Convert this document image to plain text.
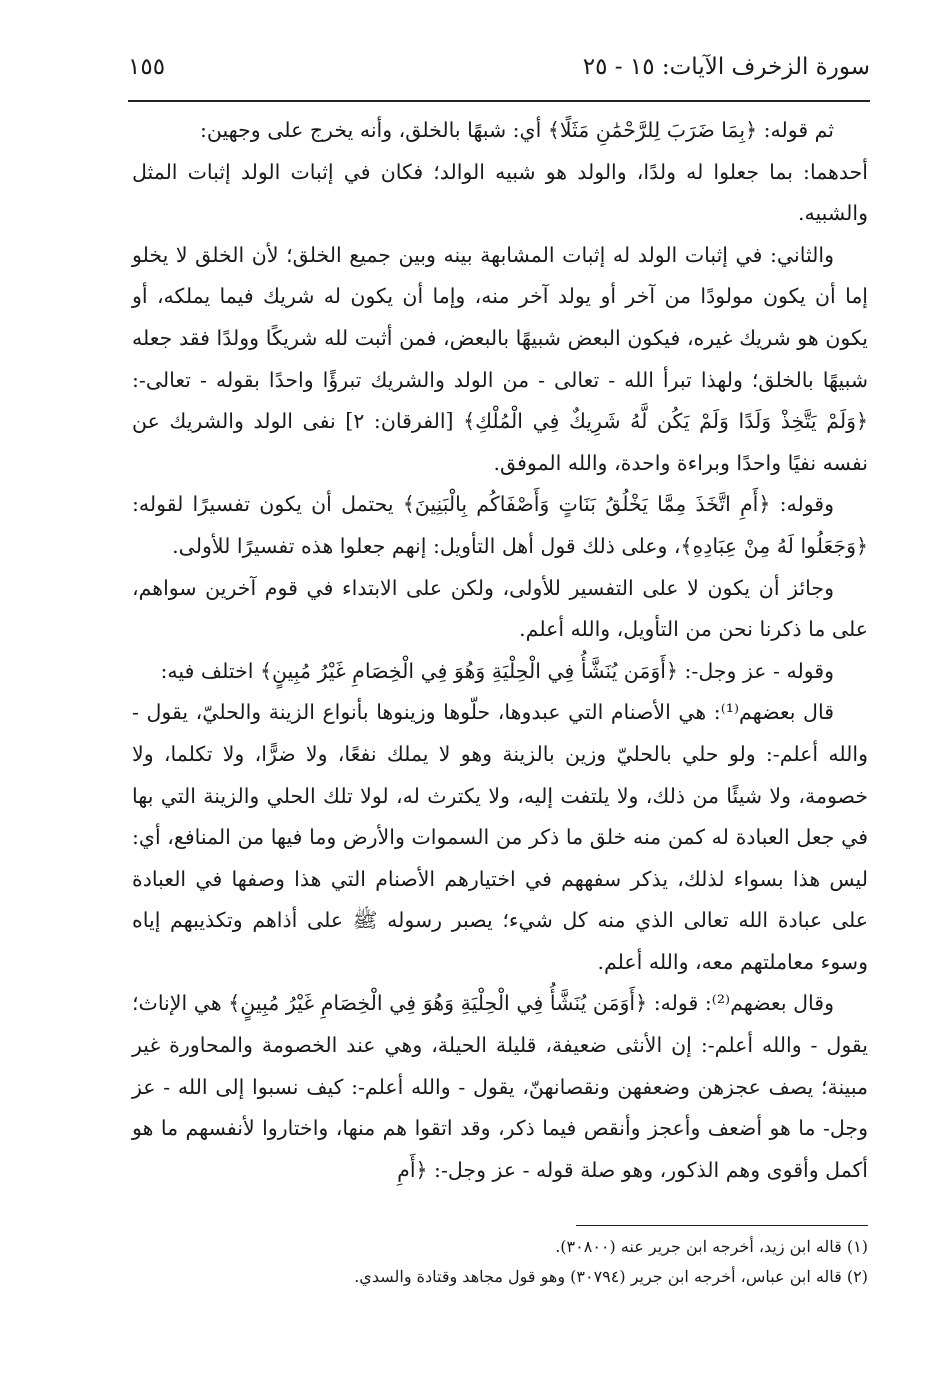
سورة الزخرف الآيات: ١٥ - ٢٥
١٥٥

ثم قوله: ﴿بِمَا ضَرَبَ لِلرَّحْمَٰنِ مَثَلًا﴾ أي: شبهًا بالخلق، وأنه يخرج على وجهين:

أحدهما: بما جعلوا له ولدًا، والولد هو شبيه الوالد؛ فكان في إثبات الولد إثبات المثل والشبيه.

والثاني: في إثبات الولد له إثبات المشابهة بينه وبين جميع الخلق؛ لأن الخلق لا يخلو إما أن يكون مولودًا من آخر أو يولد آخر منه، وإما أن يكون له شريك فيما يملكه، أو يكون هو شريك غيره، فيكون البعض شبيهًا بالبعض، فمن أثبت لله شريكًا وولدًا فقد جعله شبيهًا بالخلق؛ ولهذا تبرأ الله - تعالى - من الولد والشريك تبرؤًا واحدًا بقوله - تعالى-: ﴿وَلَمْ يَتَّخِذْ وَلَدًا وَلَمْ يَكُن لَّهُ شَرِيكٌ فِي الْمُلْكِ﴾ [الفرقان: ٢] نفى الولد والشريك عن نفسه نفيًا واحدًا وبراءة واحدة، والله الموفق.

وقوله: ﴿أَمِ اتَّخَذَ مِمَّا يَخْلُقُ بَنَاتٍ وَأَصْفَاكُم بِالْبَنِينَ﴾ يحتمل أن يكون تفسيرًا لقوله: ﴿وَجَعَلُوا لَهُ مِنْ عِبَادِهِ﴾، وعلى ذلك قول أهل التأويل: إنهم جعلوا هذه تفسيرًا للأولى.

وجائز أن يكون لا على التفسير للأولى، ولكن على الابتداء في قوم آخرين سواهم، على ما ذكرنا نحن من التأويل، والله أعلم.

وقوله - عز وجل-: ﴿أَوَمَن يُنَشَّأُ فِي الْحِلْيَةِ وَهُوَ فِي الْخِصَامِ غَيْرُ مُبِينٍ﴾ اختلف فيه:

قال بعضهم⁽¹⁾: هي الأصنام التي عبدوها، حلّوها وزينوها بأنواع الزينة والحليّ، يقول - والله أعلم-: ولو حلي بالحليّ وزين بالزينة وهو لا يملك نفعًا، ولا ضرًّا، ولا تكلما، ولا خصومة، ولا شيئًا من ذلك، ولا يلتفت إليه، ولا يكترث له، لولا تلك الحلي والزينة التي بها في جعل العبادة له كمن منه خلق ما ذكر من السموات والأرض وما فيها من المنافع، أي: ليس هذا بسواء لذلك، يذكر سفههم في اختيارهم الأصنام التي هذا وصفها في العبادة على عبادة الله تعالى الذي منه كل شيء؛ يصبر رسوله ﷺ على أذاهم وتكذيبهم إياه وسوء معاملتهم معه، والله أعلم.

وقال بعضهم⁽²⁾: قوله: ﴿أَوَمَن يُنَشَّأُ فِي الْحِلْيَةِ وَهُوَ فِي الْخِصَامِ غَيْرُ مُبِينٍ﴾ هي الإناث؛ يقول - والله أعلم-: إن الأنثى ضعيفة، قليلة الحيلة، وهي عند الخصومة والمحاورة غير مبينة؛ يصف عجزهن وضعفهن ونقصانهنّ، يقول - والله أعلم-: كيف نسبوا إلى الله - عز وجل- ما هو أضعف وأعجز وأنقص فيما ذكر، وقد اتقوا هم منها، واختاروا لأنفسهم ما هو أكمل وأقوى وهم الذكور، وهو صلة قوله - عز وجل-: ﴿أَمِ

(١) قاله ابن زيد، أخرجه ابن جرير عنه (٣٠٨٠٠).

(٢) قاله ابن عباس، أخرجه ابن جرير (٣٠٧٩٤) وهو قول مجاهد وقتادة والسدي.
